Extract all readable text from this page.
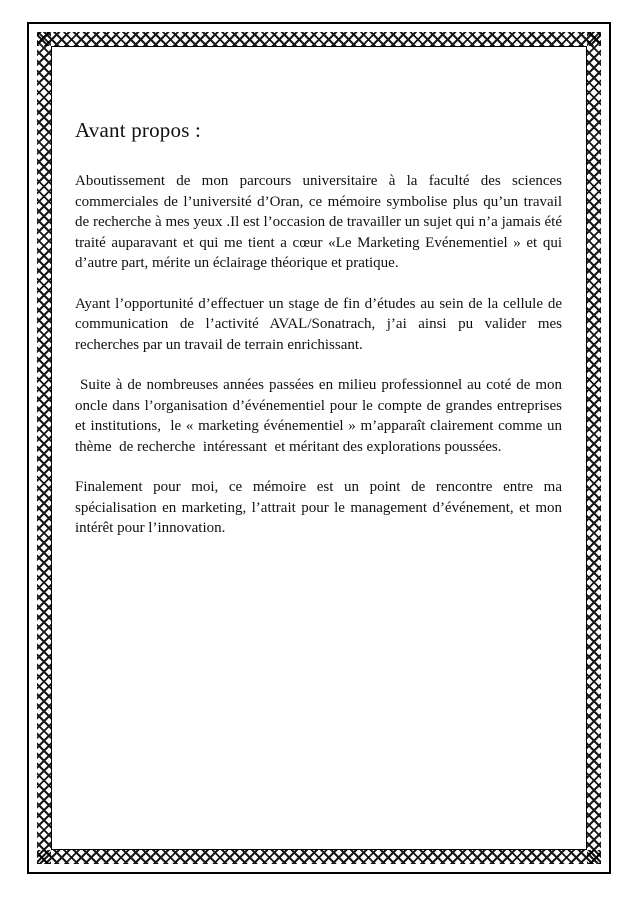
Avant propos :

Aboutissement de mon parcours universitaire à la faculté des sciences commerciales de l’université d’Oran, ce mémoire symbolise plus qu’un travail de recherche à mes yeux .Il est l’occasion de travailler un sujet qui n’a jamais été traité auparavant et qui me tient a cœur «Le Marketing Evénementiel » et qui d’autre part, mérite un éclairage théorique et pratique.

Ayant l’opportunité d’effectuer un stage de fin d’études au sein de la cellule de communication de l’activité AVAL/Sonatrach, j’ai ainsi pu valider mes recherches par un travail de terrain enrichissant.

Suite à de nombreuses années passées en milieu professionnel au coté de mon oncle dans l’organisation d’événementiel pour le compte de grandes entreprises et institutions,  le « marketing événementiel » m’apparaît clairement comme un thème  de recherche  intéressant  et méritant des explorations poussées.

Finalement pour moi, ce mémoire est un point de rencontre entre ma spécialisation en marketing, l’attrait pour le management d’événement, et mon intérêt pour l’innovation.
